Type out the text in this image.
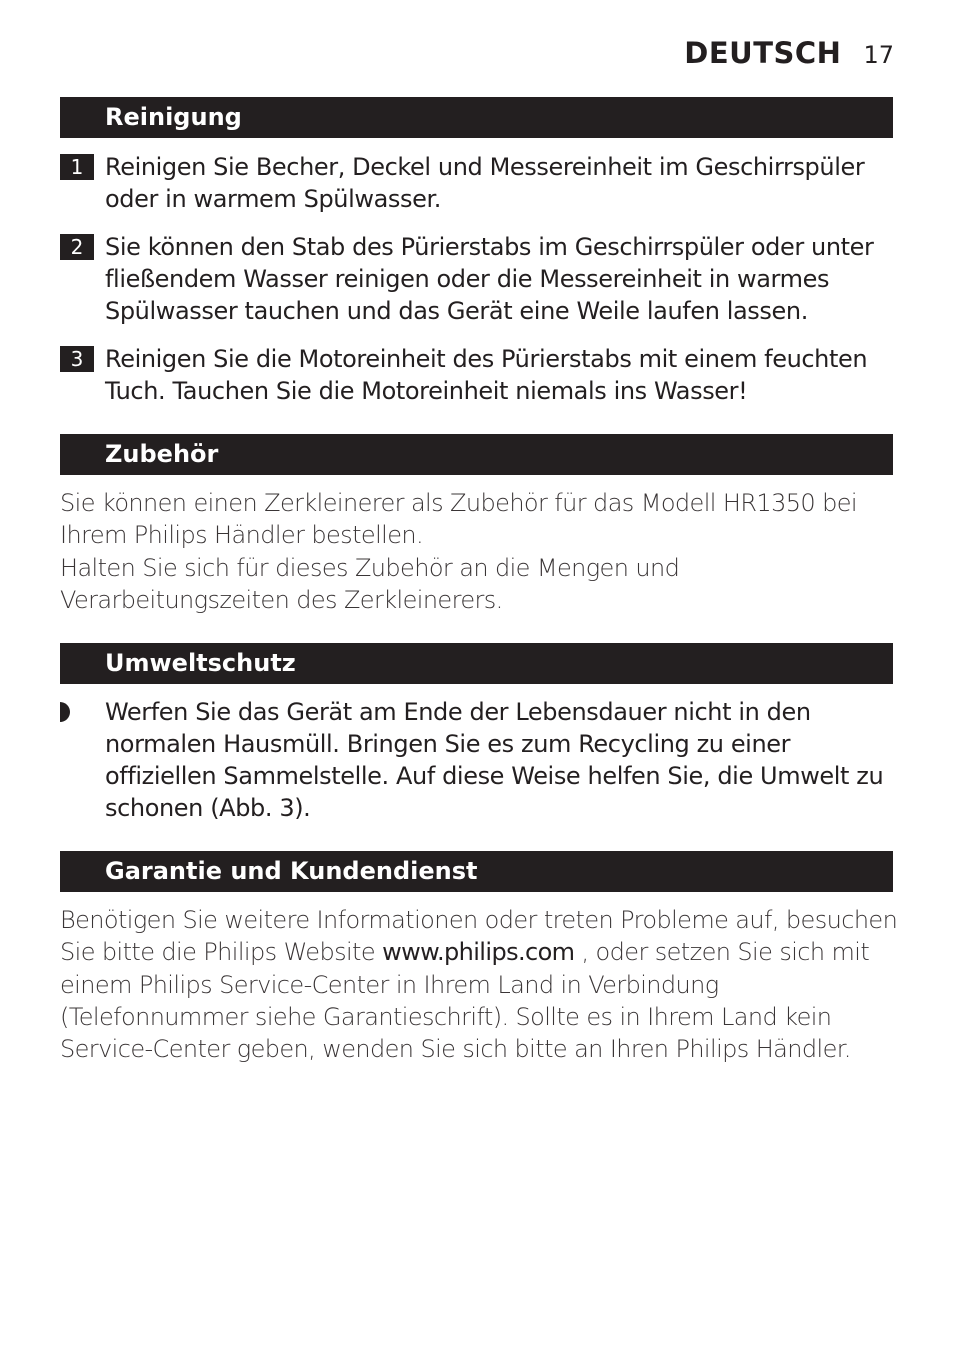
DEUTSCH 17
Reinigung
1 Reinigen Sie Becher, Deckel und Messereinheit im Geschirrspüler oder in warmem Spülwasser.
2 Sie können den Stab des Pürierstabs im Geschirrspüler oder unter fließendem Wasser reinigen oder die Messereinheit in warmes Spülwasser tauchen und das Gerät eine Weile laufen lassen.
3 Reinigen Sie die Motoreinheit des Pürierstabs mit einem feuchten Tuch. Tauchen Sie die Motoreinheit niemals ins Wasser!
Zubehör
Sie können einen Zerkleinerer als Zubehör für das Modell HR1350 bei Ihrem Philips Händler bestellen.
Halten Sie sich für dieses Zubehör an die Mengen und Verarbeitungszeiten des Zerkleinerers.
Umweltschutz
Werfen Sie das Gerät am Ende der Lebensdauer nicht in den normalen Hausmüll. Bringen Sie es zum Recycling zu einer offiziellen Sammelstelle. Auf diese Weise helfen Sie, die Umwelt zu schonen (Abb. 3).
Garantie und Kundendienst
Benötigen Sie weitere Informationen oder treten Probleme auf, besuchen Sie bitte die Philips Website www.philips.com , oder setzen Sie sich mit einem Philips Service-Center in Ihrem Land in Verbindung (Telefonnummer siehe Garantieschrift). Sollte es in Ihrem Land kein Service-Center geben, wenden Sie sich bitte an Ihren Philips Händler.
